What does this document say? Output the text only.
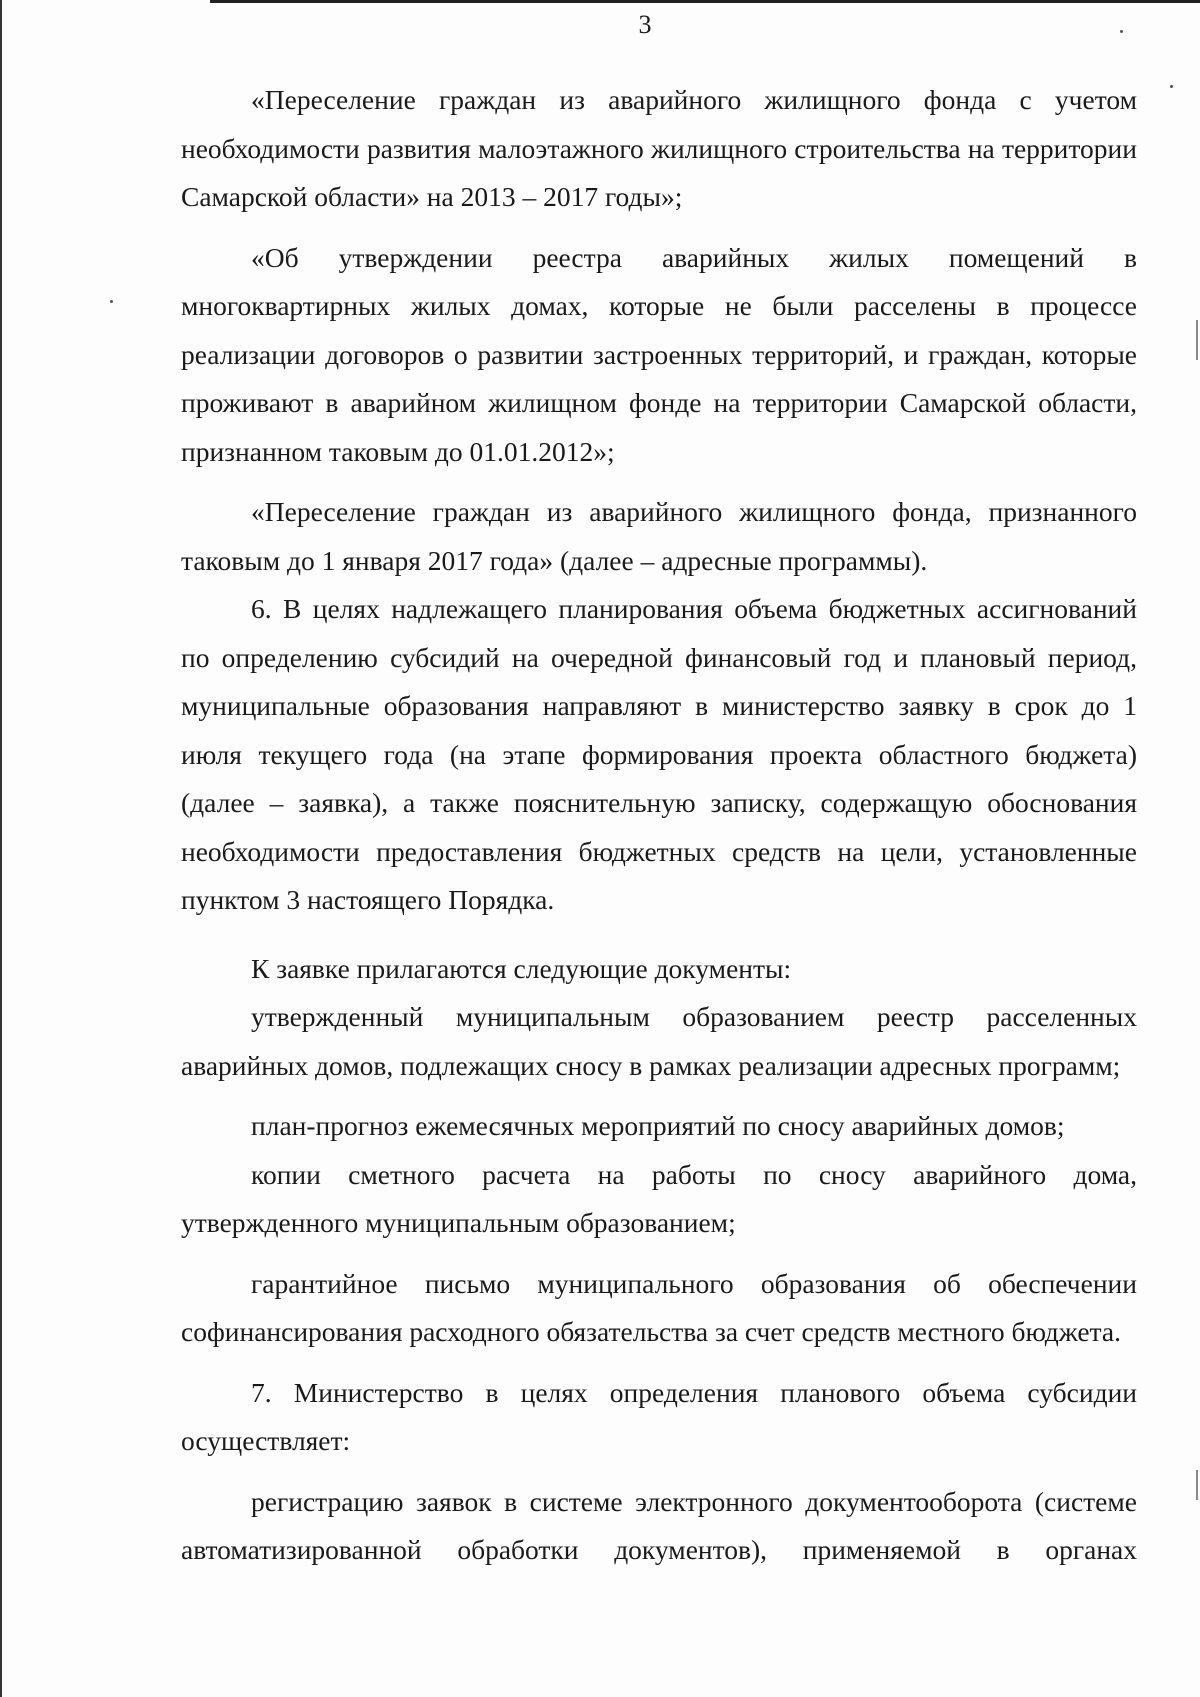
3

«Переселение граждан из аварийного жилищного фонда с учетом необходимости развития малоэтажного жилищного строительства на территории Самарской области» на 2013 – 2017 годы»;

«Об утверждении реестра аварийных жилых помещений в многоквартирных жилых домах, которые не были расселены в процессе реализации договоров о развитии застроенных территорий, и граждан, которые проживают в аварийном жилищном фонде на территории Самарской области, признанном таковым до 01.01.2012»;

«Переселение граждан из аварийного жилищного фонда, признанного таковым до 1 января 2017 года» (далее – адресные программы).

6. В целях надлежащего планирования объема бюджетных ассигнований по определению субсидий на очередной финансовый год и плановый период, муниципальные образования направляют в министерство заявку в срок до 1 июля текущего года (на этапе формирования проекта областного бюджета) (далее – заявка), а также пояснительную записку, содержащую обоснования необходимости предоставления бюджетных средств на цели, установленные пунктом 3 настоящего Порядка.

К заявке прилагаются следующие документы:

утвержденный муниципальным образованием реестр расселенных аварийных домов, подлежащих сносу в рамках реализации адресных программ;

план-прогноз ежемесячных мероприятий по сносу аварийных домов;

копии сметного расчета на работы по сносу аварийного дома, утвержденного муниципальным образованием;

гарантийное письмо муниципального образования об обеспечении софинансирования расходного обязательства за счет средств местного бюджета.

7. Министерство в целях определения планового объема субсидии осуществляет:

регистрацию заявок в системе электронного документооборота (системе автоматизированной обработки документов), применяемой в органах
